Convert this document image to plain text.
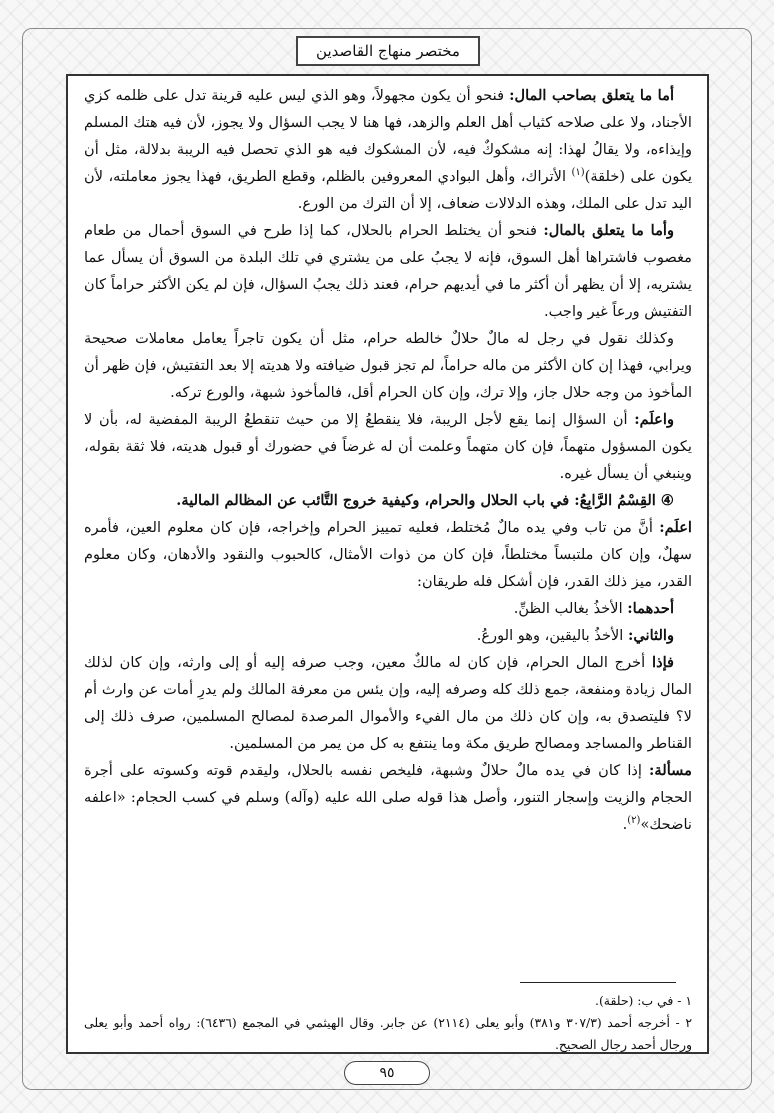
مختصر منهاج القاصدين

أما ما يتعلق بصاحب المال: فنحو أن يكون مجهولاً، وهو الذي ليس عليه قرينة تدل على ظلمه كزي الأجناد، ولا على صلاحه كثياب أهل العلم والزهد، فها هنا لا يجب السؤال ولا يجوز، لأن فيه هتك المسلم وإيذاءه، ولا يقالُ لهذا: إنه مشكوكٌ فيه، لأن المشكوك فيه هو الذي تحصل فيه الريبة بدلالة، مثل أن يكون على (خلقة)$^{(١)}$ الأتراك، وأهل البوادي المعروفين بالظلم، وقطع الطريق، فهذا يجوز معاملته، لأن اليد تدل على الملك، وهذه الدلالات ضعاف، إلا أن الترك من الورع.

وأما ما يتعلق بالمال: فنحو أن يختلط الحرام بالحلال، كما إذا طرح في السوق أحمال من طعام مغصوب فاشتراها أهل السوق، فإنه لا يجبُ على من يشتري في تلك البلدة من السوق أن يسأل عما يشتريه، إلا أن يظهر أن أكثر ما في أيديهم حرام، فعند ذلك يجبُ السؤال، فإن لم يكن الأكثر حراماً كان التفتيش ورعاً غير واجب.

وكذلك نقول في رجل له مالٌ حلالٌ خالطه حرام، مثل أن يكون تاجراً يعامل معاملات صحيحة ويرابي، فهذا إن كان الأكثر من ماله حراماً، لم تجز قبول ضيافته ولا هديته إلا بعد التفتيش، فإن ظهر أن المأخوذ من وجه حلال جاز، وإلا ترك، وإن كان الحرام أقل، فالمأخوذ شبهة، والورع تركه.

واعلَم: أن السؤال إنما يقع لأجل الريبة، فلا ينقطعُ إلا من حيث تنقطعُ الريبة المفضية له، بأن لا يكون المسؤول متهماً، فإن كان متهماً وعلمت أن له غرضاً في حضورك أو قبول هديته، فلا ثقة بقوله، وينبغي أن يسأل غيره.

④ القِسْمُ الرَّابِعُ: في باب الحلال والحرام، وكيفية خروج التَّائب عن المظالم المالية.

اعلَم: أنَّ من تاب وفي يده مالٌ مُختلط، فعليه تمييز الحرام وإخراجه، فإن كان معلوم العين، فأمره سهلٌ، وإن كان ملتبساً مختلطاً، فإن كان من ذوات الأمثال، كالحبوب والنقود والأدهان، وكان معلوم القدر، ميز ذلك القدر، فإن أشكل فله طريقان:

أحدهما: الأخذُ بغالب الظنِّ.

والثاني: الأخذُ باليقين، وهو الورعُ.

فإذا أخرج المال الحرام، فإن كان له مالكٌ معين، وجب صرفه إليه أو إلى وارثه، وإن كان لذلك المال زيادة ومنفعة، جمع ذلك كله وصرفه إليه، وإن يئس من معرفة المالك ولم يدرِ أمات عن وارث أم لا؟ فليتصدق به، وإن كان ذلك من مال الفيء والأموال المرصدة لمصالح المسلمين، صرف ذلك إلى القناطر والمساجد ومصالح طريق مكة وما ينتفع به كل من يمر من المسلمين.

مسألة: إذا كان في يده مالٌ حلالٌ وشبهة، فليخص نفسه بالحلال، وليقدم قوته وكسوته على أجرة الحجام والزيت وإسجار التنور، وأصل هذا قوله صلى الله عليه (وآله) وسلم في كسب الحجام: «اعلفه ناضحك»$^{(٢)}$.

١ - في ب: (حلقة).

٢ - أخرجه أحمد (٣٠٧/٣ و٣٨١) وأبو يعلى (٢١١٤) عن جابر. وقال الهيثمي في المجمع (٦٤٣٦): رواه أحمد وأبو يعلى ورجال أحمد رجال الصحيح.

٩٥
